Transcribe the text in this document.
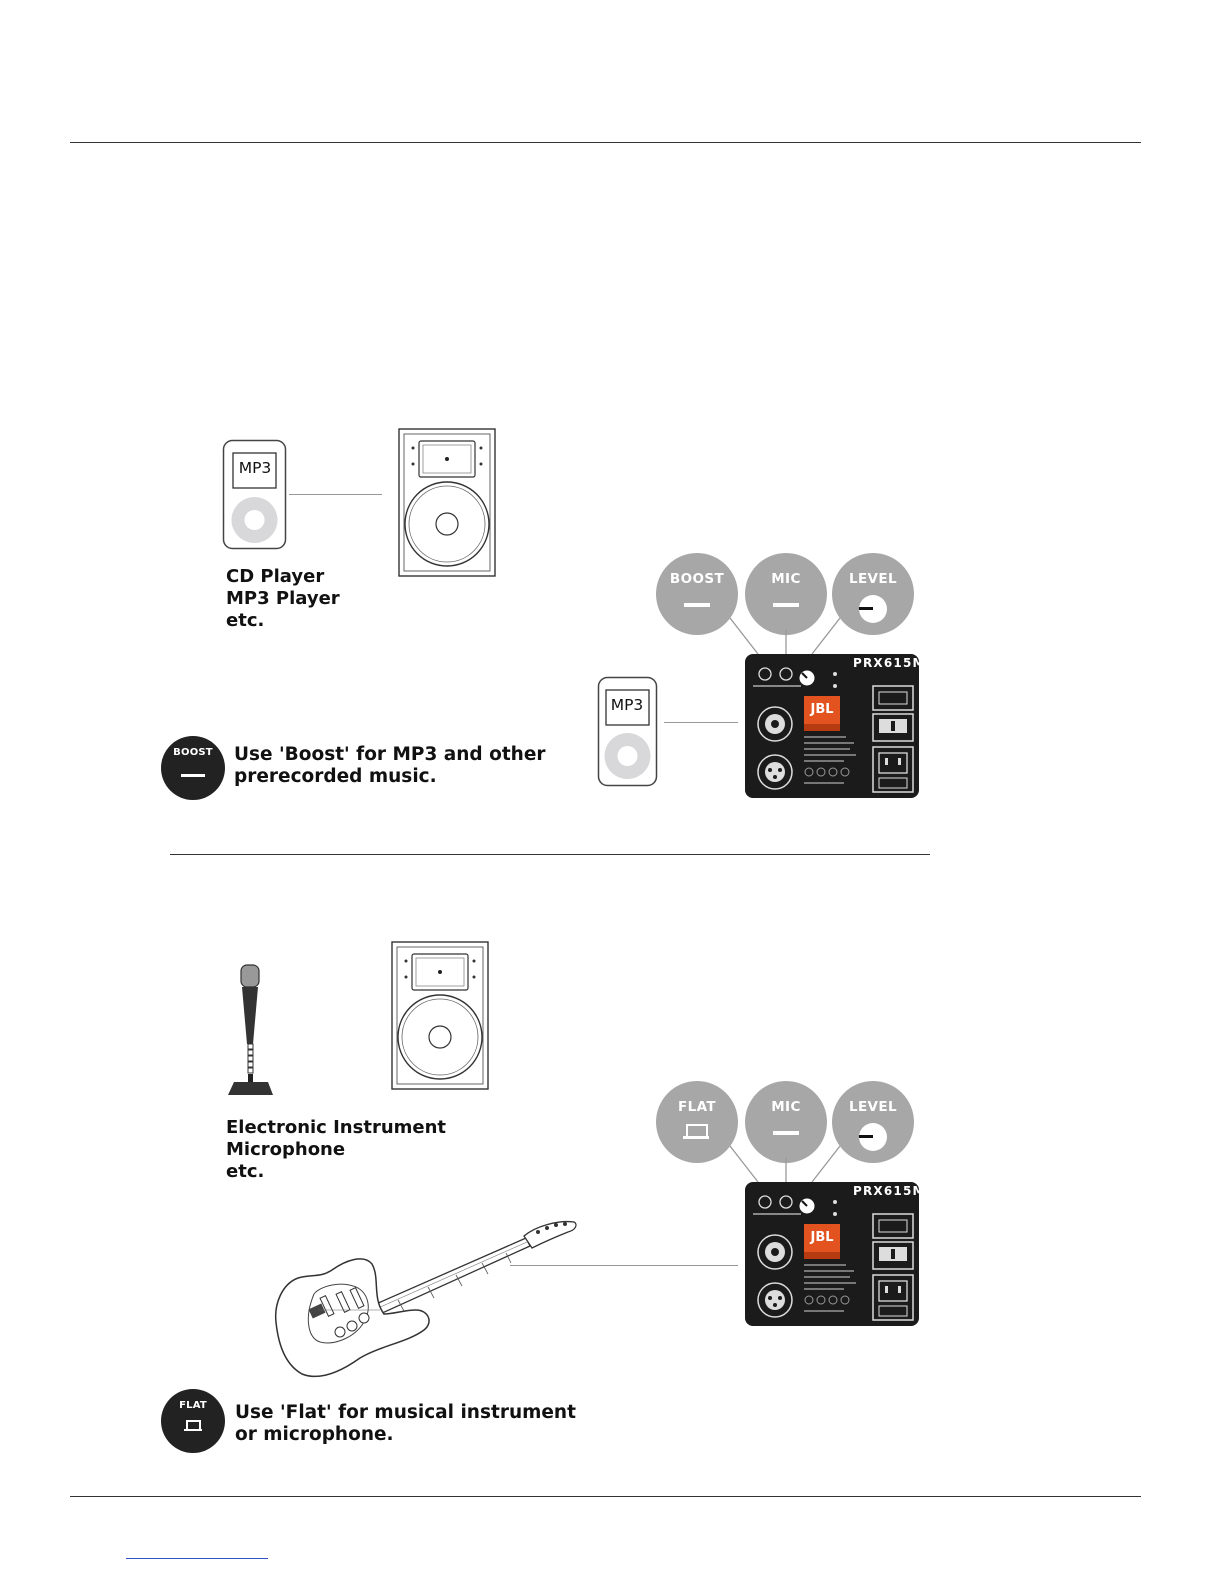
MP3
CD Player
MP3 Player
etc.
BOOST	MIC	LEVEL
PRX615M
JBL
MP3
BOOST	Use 'Boost' for MP3 and other
prerecorded music.
Electronic Instrument
Microphone
etc.
FLAT	MIC	LEVEL
PRX615M
JBL
FLAT	Use 'Flat' for musical instrument
or microphone.
